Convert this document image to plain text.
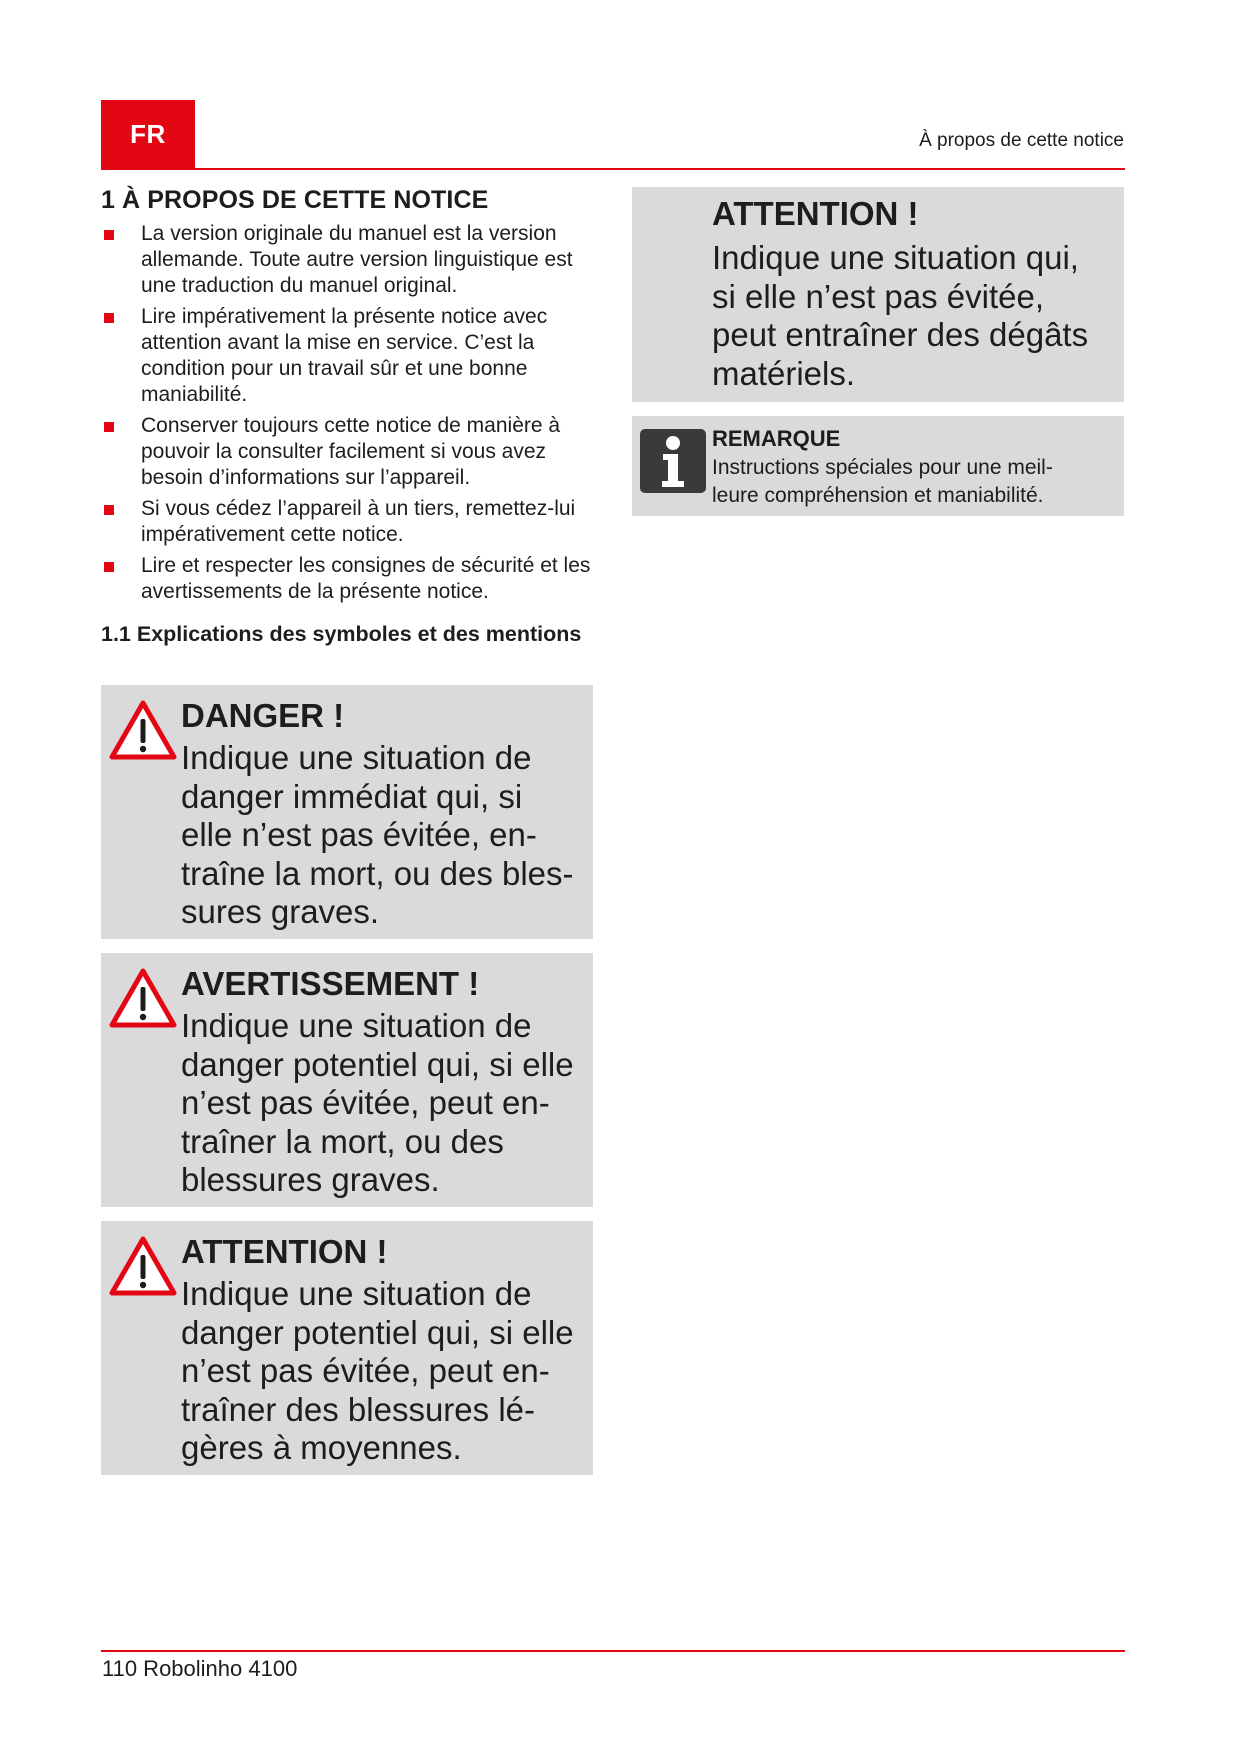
FR	À propos de cette notice
1 À PROPOS DE CETTE NOTICE
La version originale du manuel est la version allemande. Toute autre version linguistique est une traduction du manuel original.
Lire impérativement la présente notice avec attention avant la mise en service. C’est la condition pour un travail sûr et une bonne maniabilité.
Conserver toujours cette notice de manière à pouvoir la consulter facilement si vous avez besoin d’informations sur l’appareil.
Si vous cédez l’appareil à un tiers, remettez-lui impérativement cette notice.
Lire et respecter les consignes de sécurité et les avertissements de la présente notice.
1.1 Explications des symboles et des mentions
DANGER !
Indique une situation de
danger immédiat qui, si
elle n’est pas évitée, en-
traîne la mort, ou des bles-
sures graves.
AVERTISSEMENT !
Indique une situation de
danger potentiel qui, si elle
n’est pas évitée, peut en-
traîner la mort, ou des
blessures graves.
ATTENTION !
Indique une situation de
danger potentiel qui, si elle
n’est pas évitée, peut en-
traîner des blessures lé-
gères à moyennes.
ATTENTION !
Indique une situation qui,
si elle n’est pas évitée,
peut entraîner des dégâts
matériels.
REMARQUE
Instructions spéciales pour une meil-
leure compréhension et maniabilité.
110 Robolinho 4100
